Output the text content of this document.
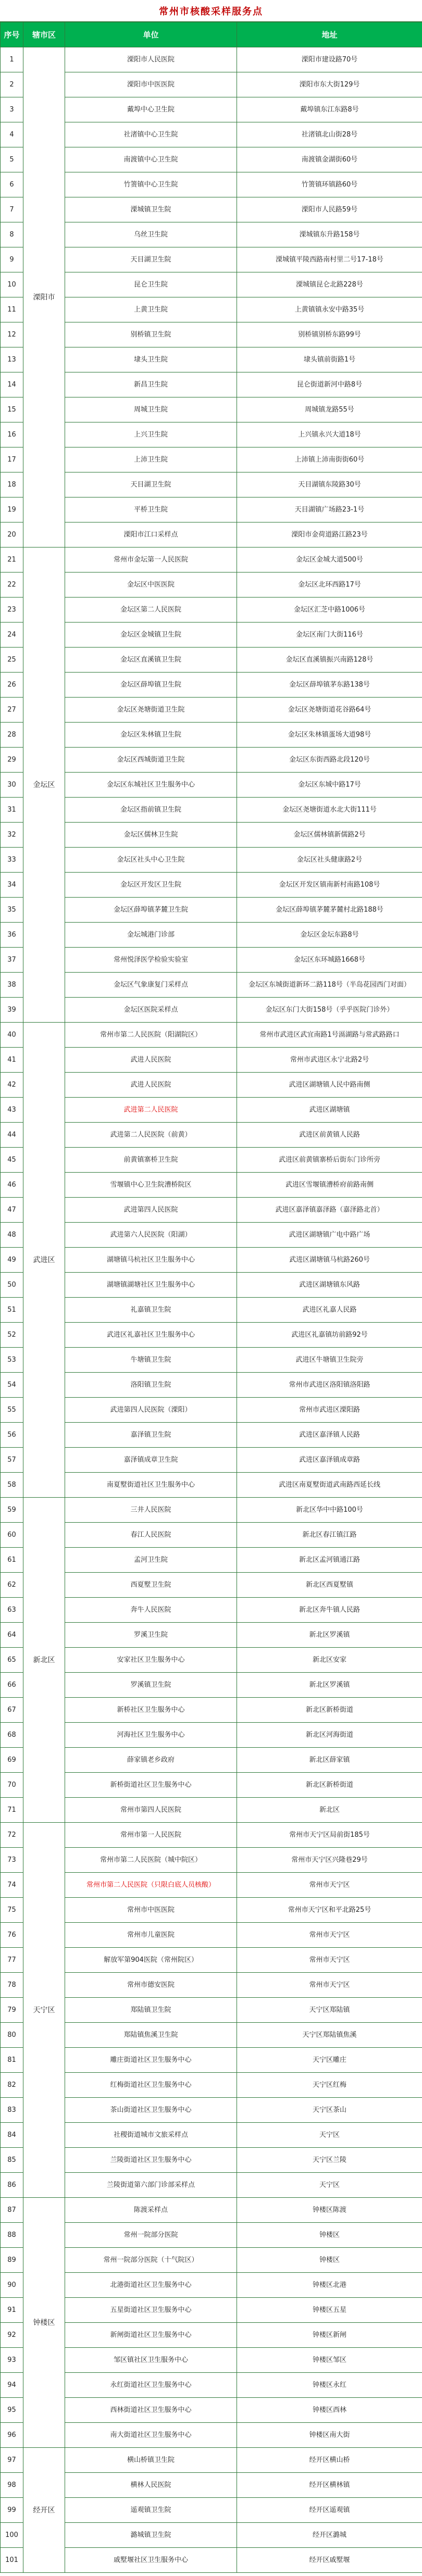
常州市核酸采样服务点
序号	辖市区	单位	地址
1	溧阳市	溧阳市人民医院	溧阳市建设路70号
2		溧阳市中医医院	溧阳市东大街129号
3		戴埠中心卫生院	戴埠镇东江东路8号
4		社渚镇中心卫生院	社渚镇北山街28号
5		南渡镇中心卫生院	南渡镇金湖街60号
6		竹箦镇中心卫生院	竹箦镇环镇路60号
7		溧城镇卫生院	溧阳市人民路59号
8		乌丝卫生院	溧城镇东升路158号
9		天目湖卫生院	溧城镇平陵西路南村里二号17-18号
10		昆仑卫生院	溧城镇昆仑北路228号
11		上黄卫生院	上黄镇镇永安中路35号
12		别桥镇卫生院	别桥镇别桥东路99号
13		埭头卫生院	埭头镇前街路1号
14		新昌卫生院	昆仑街道新河中路8号
15		周城卫生院	周城镇龙路55号
16		上兴卫生院	上兴镇永兴大道18号
17		上沛卫生院	上沛镇上沛南街街60号
18		天目湖卫生院	天目湖镇东陵路30号
19		平桥卫生院	天目湖镇广场路23-1号
20		溧阳市江口采样点	溧阳市金荷道路江路23号
21	金坛区	常州市金坛第一人民医院	金坛区金城大道500号
22		金坛区中医医院	金坛区北环西路17号
23		金坛区第二人民医院	金坛区汇芝中路1006号
24		金坛区金城镇卫生院	金坛区南门大街116号
25		金坛区直溪镇卫生院	金坛区直溪镇振兴南路128号
26		金坛区薛埠镇卫生院	金坛区薛埠镇茅东路138号
27		金坛区尧塘街道卫生院	金坛区尧塘街道花谷路64号
28		金坛区朱林镇卫生院	金坛区朱林镇蛋场大道98号
29		金坛区西城街道卫生院	金坛区东街西路北段120号
30		金坛区东城社区卫生服务中心	金坛区东城中路17号
31		金坛区指前镇卫生院	金坛区尧塘街道水北大街111号
32		金坛区儒林卫生院	金坛区儒林镇新儒路2号
33		金坛区社头中心卫生院	金坛区社头健康路2号
34		金坛区开发区卫生院	金坛区开发区镇南新村南路108号
35		金坛区薛埠镇茅麓卫生院	金坛区薛埠镇茅麓茅麓村北路188号
36		金坛城港门诊部	金坛区金坛东路8号
37		常州悦泽医学检验实验室	金坛区东环城路1668号
38		金坛区气象康复门采样点	金坛区东城街道新环二路118号（半岛花园西门对面）
39		金坛区医院采样点	金坛区东门大街158号（乎乎医院门诊外）
40	武进区	常州市第二人民医院（阳湖院区）	常州市武进区武宜南路1号滆湖路与常武路路口
41		武进人民医院	常州市武进区永宁北路2号
42		武进人民医院	武进区湖塘镇人民中路南侧
43		武进第二人民医院	武进区湖塘镇
44		武进第二人民医院（前黄）	武进区前黄镇人民路
45		前黄镇寨桥卫生院	武进区前黄镇寨桥后街东门诊所旁
46		雪堰镇中心卫生院漕桥院区	武进区雪堰镇漕桥府前路南侧
47		武进第四人民医院	武进区嘉泽镇嘉泽路（嘉泽路北首）
48		武进第六人民医院（阳湖）	武进区湖塘镇广电中路广场
49		湖塘镇马杭社区卫生服务中心	武进区湖塘镇马杭路260号
50		湖塘镇湖塘社区卫生服务中心	武进区湖塘镇东风路
51		礼嘉镇卫生院	武进区礼嘉人民路
52		武进区礼嘉社区卫生服务中心	武进区礼嘉镇坊前路92号
53		牛塘镇卫生院	武进区牛塘镇卫生院旁
54		洛阳镇卫生院	常州市武进区洛阳镇洛阳路
55		武进第四人民医院（溧阳）	常州市武进区溧阳路
56		嘉泽镇卫生院	武进区嘉泽镇人民路
57		嘉泽镇成章卫生院	武进区嘉泽镇成章路
58		南夏墅街道社区卫生服务中心	武进区南夏墅街道武南路西延长线
59	新北区	三井人民医院	新北区华中中路100号
60		春江人民医院	新北区春江镇江路
61		孟河卫生院	新北区孟河镇通江路
62		西夏墅卫生院	新北区西夏墅镇
63		奔牛人民医院	新北区奔牛镇人民路
64		罗溪卫生院	新北区罗溪镇
65		安家社区卫生服务中心	新北区安家
66		罗溪镇卫生院	新北区罗溪镇
67		新桥社区卫生服务中心	新北区新桥街道
68		河海社区卫生服务中心	新北区河海街道
69		薛家镇老乡政府	新北区薛家镇
70		新桥街道社区卫生服务中心	新北区新桥街道
71		常州市第四人民医院	新北区
72	天宁区	常州市第一人民医院	常州市天宁区局前街185号
73		常州市第二人民医院（城中院区）	常州市天宁区兴隆巷29号
74		常州市第二人民医院（只限白底人员核酸）	常州市天宁区
75		常州市中医医院	常州市天宁区和平北路25号
76		常州市儿童医院	常州市天宁区
77		解放军第904医院（常州院区）	常州市天宁区
78		常州市德安医院	常州市天宁区
79		郑陆镇卫生院	天宁区郑陆镇
80		郑陆镇焦溪卫生院	天宁区郑陆镇焦溪
81		雕庄街道社区卫生服务中心	天宁区雕庄
82		红梅街道社区卫生服务中心	天宁区红梅
83		茶山街道社区卫生服务中心	天宁区茶山
84		社稷街道城市文旅采样点	天宁区
85		兰陵街道社区卫生服务中心	天宁区兰陵
86		兰陵街道第六部门诊部采样点	天宁区
87	钟楼区	陈渡采样点	钟楼区陈渡
88		常州一院部分医院	钟楼区
89		常州一院部分医院（十气院区）	钟楼区
90		北港街道社区卫生服务中心	钟楼区北港
91		五星街道社区卫生服务中心	钟楼区五星
92		新闸街道社区卫生服务中心	钟楼区新闸
93		邹区镇社区卫生服务中心	钟楼区邹区
94		永红街道社区卫生服务中心	钟楼区永红
95		西林街道社区卫生服务中心	钟楼区西林
96		南大街道社区卫生服务中心	钟楼区南大街
97	经开区	横山桥镇卫生院	经开区横山桥
98		横林人民医院	经开区横林镇
99		遥观镇卫生院	经开区遥观镇
100		潞城镇卫生院	经开区潞城
101		戚墅堰社区卫生服务中心	经开区戚墅堰
